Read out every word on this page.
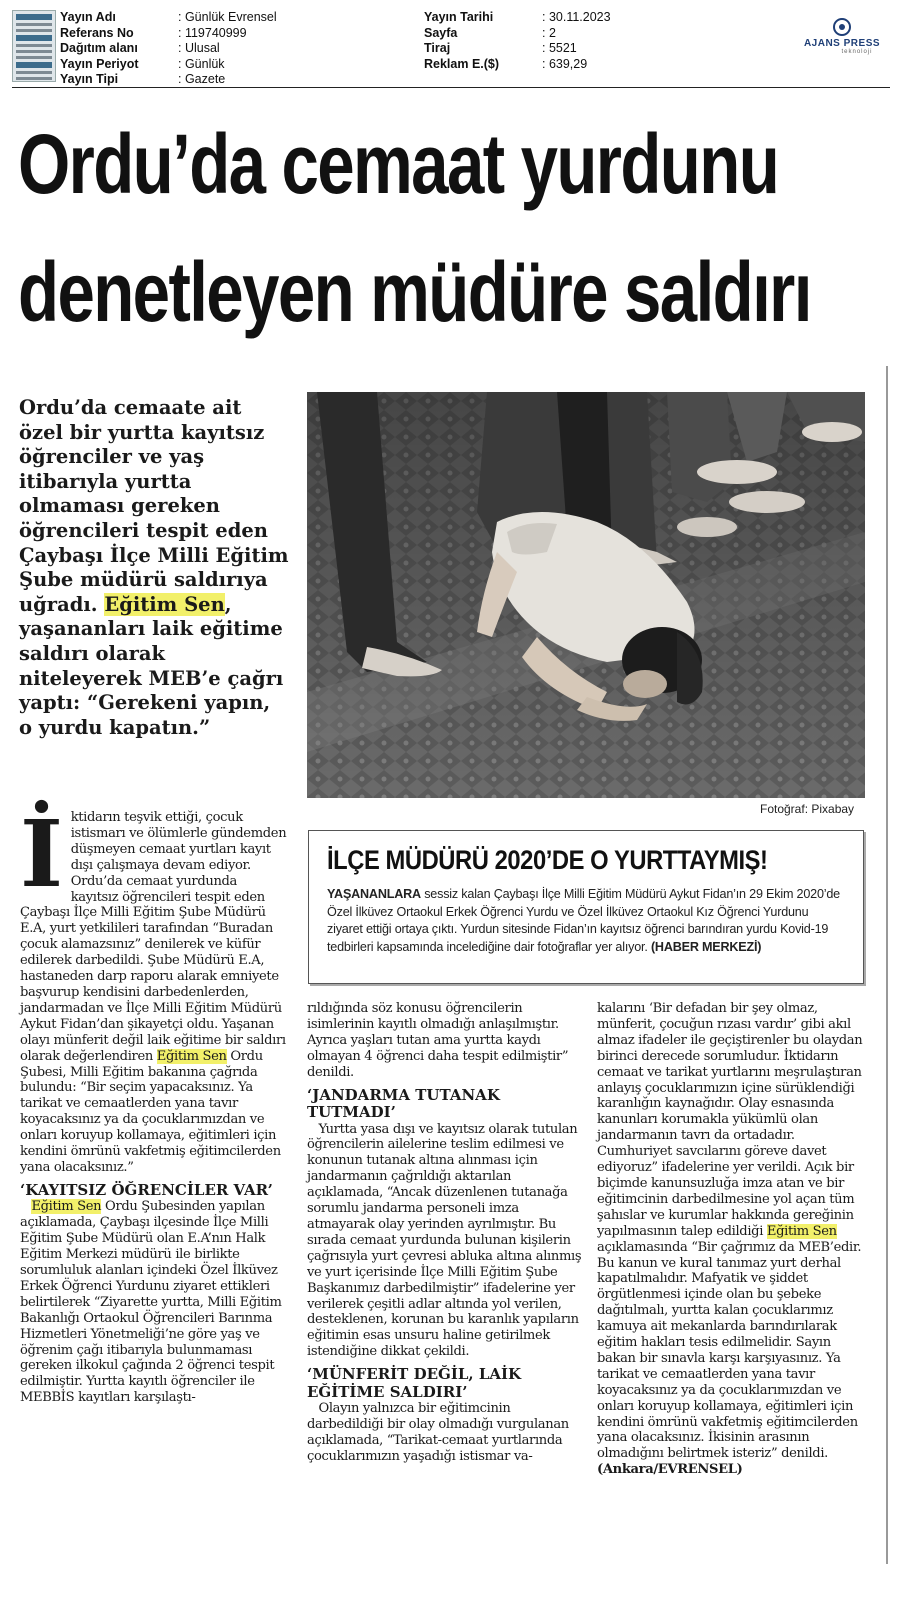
Yayın Adı	: Günlük Evrensel
Referans No	: 119740999
Dağıtım alanı	: Ulusal
Yayın Periyot	: Günlük
Yayın Tipi	: Gazete
Yayın Tarihi	: 30.11.2023
Sayfa	: 2
Tiraj	: 5521
Reklam E.($)	: 639,29
AJANS PRESS
teknoloji
Ordu’da cemaat yurdunu
denetleyen müdüre saldırı
Ordu’da cemaate ait özel bir yurtta kayıtsız öğrenciler ve yaş itibarıyla yurtta olmaması gereken öğrencileri tespit eden Çaybaşı İlçe Milli Eğitim Şube müdürü saldırıya uğradı. Eğitim Sen, yaşananları laik eğitime saldırı olarak niteleyerek MEB’e çağrı yaptı: “Gerekeni yapın, o yurdu kapatın.”
Fotoğraf: Pixabay
İLÇE MÜDÜRÜ 2020’DE O YURTTAYMIŞ!
YAŞANANLARA sessiz kalan Çaybaşı İlçe Milli Eğitim Müdürü Aykut Fidan’ın 29 Ekim 2020’de Özel İlküvez Ortaokul Erkek Öğrenci Yurdu ve Özel İlküvez Ortaokul Kız Öğrenci Yurdunu ziyaret ettiği ortaya çıktı. Yurdun sitesinde Fidan’ın kayıtsız öğrenci barındıran yurdu Kovid-19 tedbirleri kapsamında incelediğine dair fotoğraflar yer alıyor. (HABER MERKEZİ)
İ ktidarın teşvik ettiği, çocuk istismarı ve ölümlerle gündemden düşmeyen cemaat yurtları kayıt dışı çalışmaya devam ediyor. Ordu’da cemaat yurdunda kayıtsız öğrencileri tespit eden Çaybaşı İlçe Milli Eğitim Şube Müdürü E.A, yurt yetkilileri tarafından “Buradan çocuk alamazsınız” denilerek ve küfür edilerek darbedildi. Şube Müdürü E.A, hastaneden darp raporu alarak emniyete başvurup kendisini darbedenlerden, jandarmadan ve İlçe Milli Eğitim Müdürü Aykut Fidan’dan şikayetçi oldu. Yaşanan olayı münferit değil laik eğitime bir saldırı olarak değerlendiren Eğitim Sen Ordu Şubesi, Milli Eğitim bakanına çağrıda bulundu: “Bir seçim yapacaksınız. Ya tarikat ve cemaatlerden yana tavır koyacaksınız ya da çocuklarımızdan ve onları koruyup kollamaya, eğitimleri için kendini ömrünü vakfetmiş eğitimcilerden yana olacaksınız.”

‘KAYITSIZ ÖĞRENCİLER VAR’

Eğitim Sen Ordu Şubesinden yapılan açıklamada, Çaybaşı ilçesinde İlçe Milli Eğitim Şube Müdürü olan E.A’nın Halk Eğitim Merkezi müdürü ile birlikte sorumluluk alanları içindeki Özel İlküvez Erkek Öğrenci Yurdunu ziyaret ettikleri belirtilerek “Ziyarette yurtta, Milli Eğitim Bakanlığı Ortaokul Öğrencileri Barınma Hizmetleri Yönetmeliği’ne göre yaş ve öğrenim çağı itibarıyla bulunmaması gereken ilkokul çağında 2 öğrenci tespit edilmiştir. Yurtta kayıtlı öğrenciler ile MEBBİS kayıtları karşılaştı-

rıldığında söz konusu öğrencilerin isimlerinin kayıtlı olmadığı anlaşılmıştır. Ayrıca yaşları tutan ama yurtta kaydı olmayan 4 öğrenci daha tespit edilmiştir” denildi.

‘JANDARMA TUTANAK TUTMADI’

Yurtta yasa dışı ve kayıtsız olarak tutulan öğrencilerin ailelerine teslim edilmesi ve konunun tutanak altına alınması için jandarmanın çağrıldığı aktarılan açıklamada, “Ancak düzenlenen tutanağa sorumlu jandarma personeli imza atmayarak olay yerinden ayrılmıştır. Bu sırada cemaat yurdunda bulunan kişilerin çağrısıyla yurt çevresi abluka altına alınmış ve yurt içerisinde İlçe Milli Eğitim Şube Başkanımız darbedilmiştir” ifadelerine yer verilerek çeşitli adlar altında yol verilen, desteklenen, korunan bu karanlık yapıların eğitimin esas unsuru haline getirilmek istendiğine dikkat çekildi.

‘MÜNFERİT DEĞİL, LAİK EĞİTİME SALDIRI’

Olayın yalnızca bir eğitimcinin darbedildiği bir olay olmadığı vurgulanan açıklamada, “Tarikat-cemaat yurtlarında çocuklarımızın yaşadığı istismar va-

kalarını ‘Bir defadan bir şey olmaz, münferit, çocuğun rızası vardır’ gibi akıl almaz ifadeler ile geçiştirenler bu olaydan birinci derecede sorumludur. İktidarın cemaat ve tarikat yurtlarını meşrulaştıran anlayış çocuklarımızın içine sürüklendiği karanlığın kaynağıdır. Olay esnasında kanunları korumakla yükümlü olan jandarmanın tavrı da ortadadır. Cumhuriyet savcılarını göreve davet ediyoruz” ifadelerine yer verildi. Açık bir biçimde kanunsuzluğa imza atan ve bir eğitimcinin darbedilmesine yol açan tüm şahıslar ve kurumlar hakkında gereğinin yapılmasının talep edildiği Eğitim Sen açıklamasında “Bir çağrımız da MEB’edir. Bu kanun ve kural tanımaz yurt derhal kapatılmalıdır. Mafyatik ve şiddet örgütlenmesi içinde olan bu şebeke dağıtılmalı, yurtta kalan çocuklarımız kamuya ait mekanlarda barındırılarak eğitim hakları tesis edilmelidir. Sayın bakan bir sınavla karşı karşıyasınız. Ya tarikat ve cemaatlerden yana tavır koyacaksınız ya da çocuklarımızdan ve onları koruyup kollamaya, eğitimleri için kendini ömrünü vakfetmiş eğitimcilerden yana olacaksınız. İkisinin arasının olmadığını belirtmek isteriz” denildi. (Ankara/EVRENSEL)
